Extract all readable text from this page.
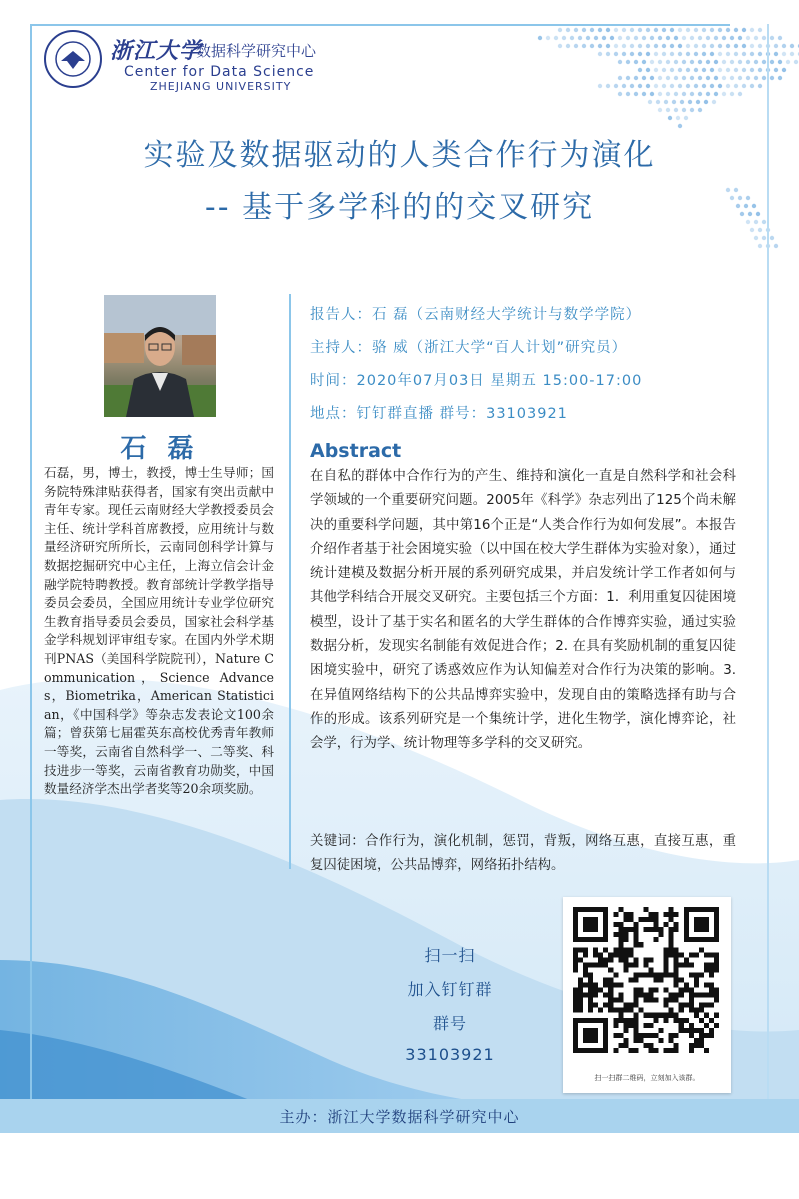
浙江大学
数据科学研究中心
Center for Data Science
ZHEJIANG UNIVERSITY
实验及数据驱动的人类合作行为演化
-- 基于多学科的的交叉研究
石 磊
石磊，男，博士，教授，博士生导师；国务院特殊津贴获得者，国家有突出贡献中青年专家。现任云南财经大学教授委员会主任、统计学科首席教授，应用统计与数量经济研究所所长，云南同创科学计算与数据挖掘研究中心主任，上海立信会计金融学院特聘教授。教育部统计学教学指导委员会委员，全国应用统计专业学位研究生教育指导委员会委员，国家社会科学基金学科规划评审组专家。在国内外学术期刊PNAS（美国科学院院刊），Nature Communication，Science Advances，Biometrika，American Statistician，《中国科学》等杂志发表论文100余篇；曾获第七届霍英东高校优秀青年教师一等奖，云南省自然科学一、二等奖、科技进步一等奖，云南省教育功勋奖，中国数量经济学杰出学者奖等20余项奖励。
报告人：石 磊（云南财经大学统计与数学学院）
主持人：骆 威（浙江大学“百人计划”研究员）
时间：2020年07月03日 星期五 15:00-17:00
地点：钉钉群直播 群号：33103921
Abstract
在自私的群体中合作行为的产生、维持和演化一直是自然科学和社会科学领域的一个重要研究问题。2005年《科学》杂志列出了125个尚未解决的重要科学问题，其中第16个正是“人类合作行为如何发展”。本报告介绍作者基于社会困境实验（以中国在校大学生群体为实验对象），通过统计建模及数据分析开展的系列研究成果，并启发统计学工作者如何与其他学科结合开展交叉研究。主要包括三个方面：1．利用重复囚徒困境模型，设计了基于实名和匿名的大学生群体的合作博弈实验，通过实验数据分析，发现实名制能有效促进合作；2. 在具有奖励机制的重复囚徒困境实验中，研究了诱惑效应作为认知偏差对合作行为决策的影响。3. 在异值网络结构下的公共品博弈实验中，发现自由的策略选择有助与合作的形成。该系列研究是一个集统计学，进化生物学，演化博弈论，社会学，行为学、统计物理等多学科的交叉研究。
关键词：合作行为，演化机制，惩罚，背叛，网络互惠，直接互惠，重复囚徒困境，公共品博弈，网络拓扑结构。
扫一扫
加入钉钉群
群号
33103921
扫一扫群二维码，立刻加入该群。
主办：浙江大学数据科学研究中心
